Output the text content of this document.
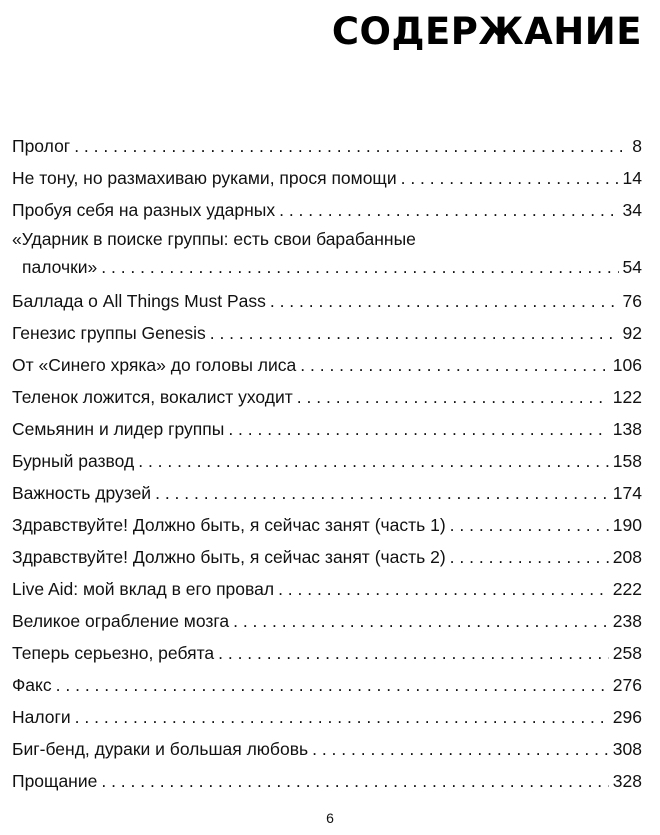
СОДЕРЖАНИЕ
Пролог . . .	8
Не тону, но размахиваю руками, прося помощи . . .	14
Пробуя себя на разных ударных . . .	34
«Ударник в поиске группы: есть свои барабанные
палочки» . . .	54
Баллада о All Things Must Pass . . .	76
Генезис группы Genesis . . .	92
От «Синего хряка» до головы лиса . . .	106
Теленок ложится, вокалист уходит . . .	122
Семьянин и лидер группы . . .	138
Бурный развод . . .	158
Важность друзей . . .	174
Здравствуйте! Должно быть, я сейчас занят (часть 1) . . .	190
Здравствуйте! Должно быть, я сейчас занят (часть 2) . . .	208
Live Aid: мой вклад в его провал . . .	222
Великое ограбление мозга . . .	238
Теперь серьезно, ребята . . .	258
Факс . . .	276
Налоги . . .	296
Биг-бенд, дураки и большая любовь . . .	308
Прощание . . .	328
6
